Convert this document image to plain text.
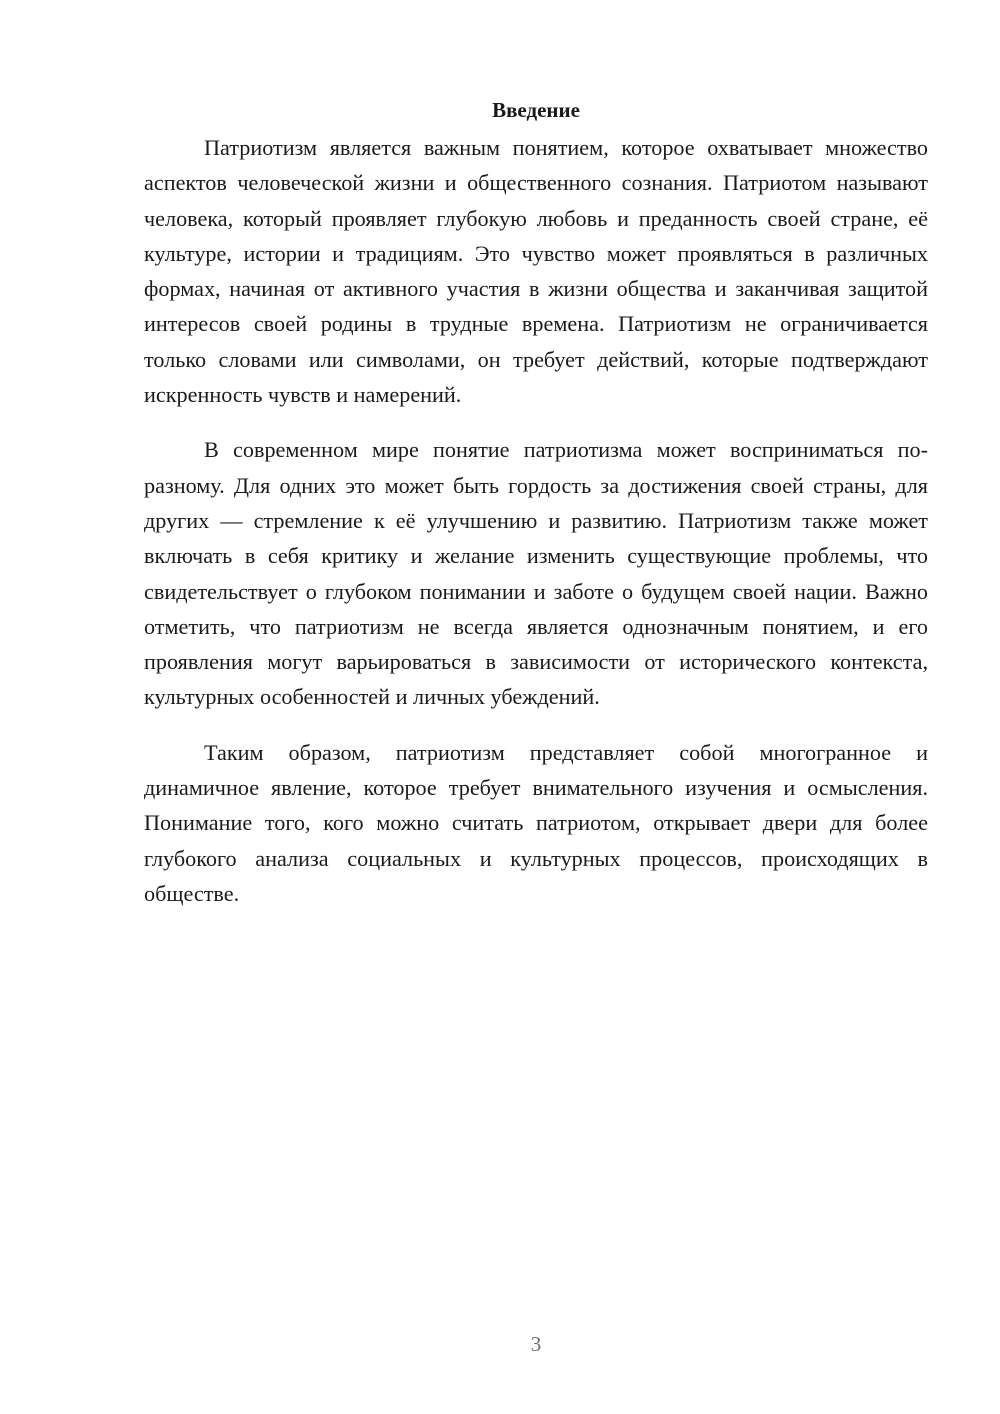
Введение

Патриотизм является важным понятием, которое охватывает множество аспектов человеческой жизни и общественного сознания. Патриотом называют человека, который проявляет глубокую любовь и преданность своей стране, её культуре, истории и традициям. Это чувство может проявляться в различных формах, начиная от активного участия в жизни общества и заканчивая защитой интересов своей родины в трудные времена. Патриотизм не ограничивается только словами или символами, он требует действий, которые подтверждают искренность чувств и намерений.

В современном мире понятие патриотизма может восприниматься по-разному. Для одних это может быть гордость за достижения своей страны, для других — стремление к её улучшению и развитию. Патриотизм также может включать в себя критику и желание изменить существующие проблемы, что свидетельствует о глубоком понимании и заботе о будущем своей нации. Важно отметить, что патриотизм не всегда является однозначным понятием, и его проявления могут варьироваться в зависимости от исторического контекста, культурных особенностей и личных убеждений.

Таким образом, патриотизм представляет собой многогранное и динамичное явление, которое требует внимательного изучения и осмысления. Понимание того, кого можно считать патриотом, открывает двери для более глубокого анализа социальных и культурных процессов, происходящих в обществе.

3
